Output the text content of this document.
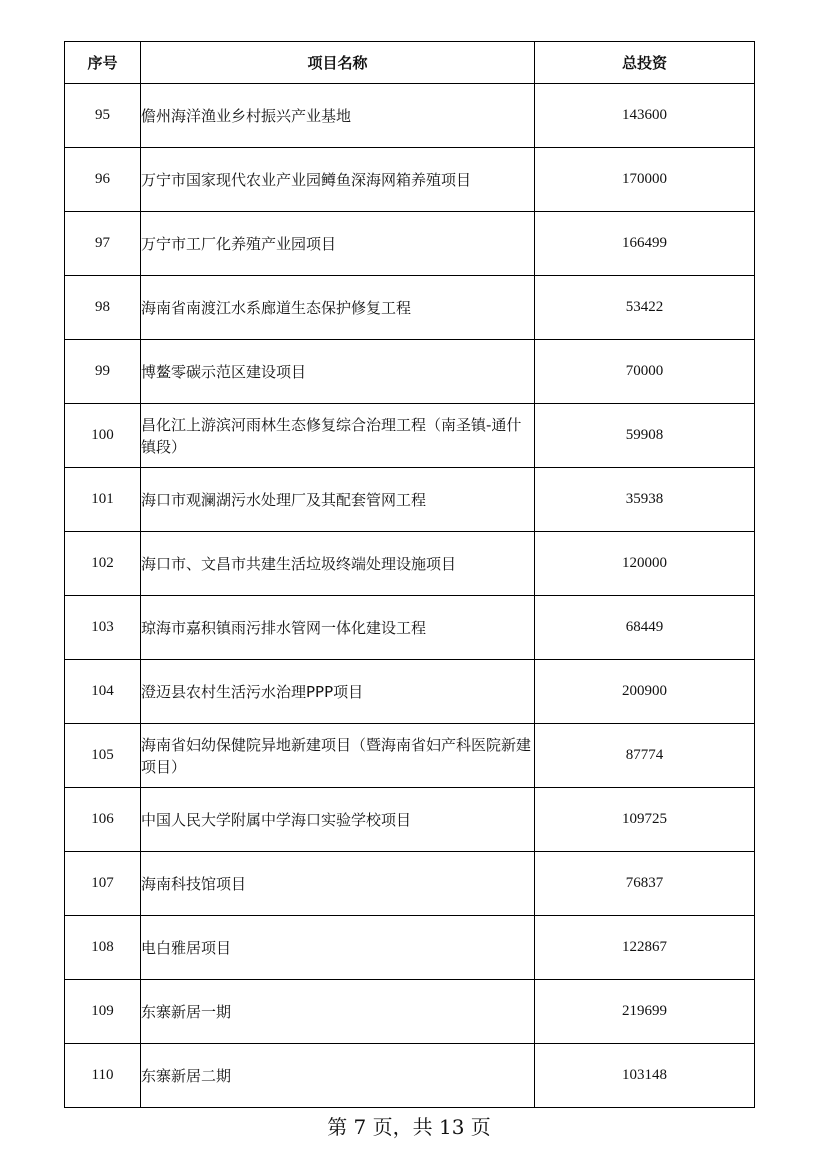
序号	项目名称	总投资
95	儋州海洋渔业乡村振兴产业基地	143600
96	万宁市国家现代农业产业园鳟鱼深海网箱养殖项目	170000
97	万宁市工厂化养殖产业园项目	166499
98	海南省南渡江水系廊道生态保护修复工程	53422
99	博鳌零碳示范区建设项目	70000
100	昌化江上游滨河雨林生态修复综合治理工程（南圣镇-通什镇段）	59908
101	海口市观澜湖污水处理厂及其配套管网工程	35938
102	海口市、文昌市共建生活垃圾终端处理设施项目	120000
103	琼海市嘉积镇雨污排水管网一体化建设工程	68449
104	澄迈县农村生活污水治理PPP项目	200900
105	海南省妇幼保健院异地新建项目（暨海南省妇产科医院新建项目）	87774
106	中国人民大学附属中学海口实验学校项目	109725
107	海南科技馆项目	76837
108	电白雅居项目	122867
109	东寨新居一期	219699
110	东寨新居二期	103148
第 7 页，共 13 页
